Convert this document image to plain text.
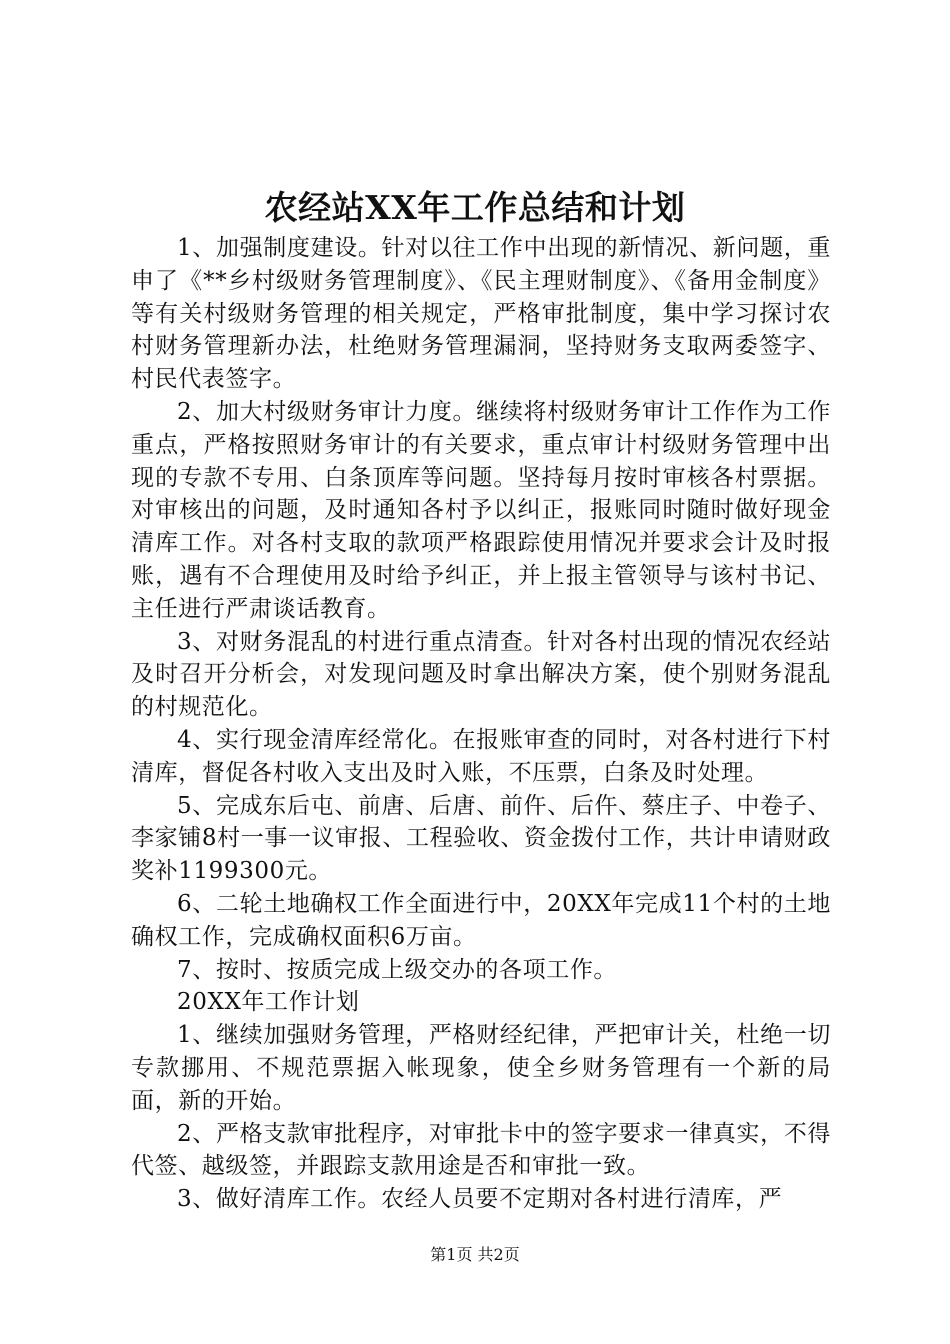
农经站XX年工作总结和计划

1、加强制度建设。针对以往工作中出现的新情况、新问题，重申了《**乡村级财务管理制度》、《民主理财制度》、《备用金制度》等有关村级财务管理的相关规定，严格审批制度，集中学习探讨农村财务管理新办法，杜绝财务管理漏洞，坚持财务支取两委签字、村民代表签字。

2、加大村级财务审计力度。继续将村级财务审计工作作为工作重点，严格按照财务审计的有关要求，重点审计村级财务管理中出现的专款不专用、白条顶库等问题。坚持每月按时审核各村票据。对审核出的问题，及时通知各村予以纠正，报账同时随时做好现金清库工作。对各村支取的款项严格跟踪使用情况并要求会计及时报账，遇有不合理使用及时给予纠正，并上报主管领导与该村书记、主任进行严肃谈话教育。

3、对财务混乱的村进行重点清查。针对各村出现的情况农经站及时召开分析会，对发现问题及时拿出解决方案，使个别财务混乱的村规范化。

4、实行现金清库经常化。在报账审查的同时，对各村进行下村清库，督促各村收入支出及时入账，不压票，白条及时处理。

5、完成东后屯、前唐、后唐、前仵、后仵、蔡庄子、中卷子、李家铺8村一事一议审报、工程验收、资金拨付工作，共计申请财政奖补1199300元。

6、二轮土地确权工作全面进行中，20XX年完成11个村的土地确权工作，完成确权面积6万亩。

7、按时、按质完成上级交办的各项工作。

20XX年工作计划

1、继续加强财务管理，严格财经纪律，严把审计关，杜绝一切专款挪用、不规范票据入帐现象，使全乡财务管理有一个新的局面，新的开始。

2、严格支款审批程序，对审批卡中的签字要求一律真实，不得代签、越级签，并跟踪支款用途是否和审批一致。

3、做好清库工作。农经人员要不定期对各村进行清库，严

第1页 共2页
